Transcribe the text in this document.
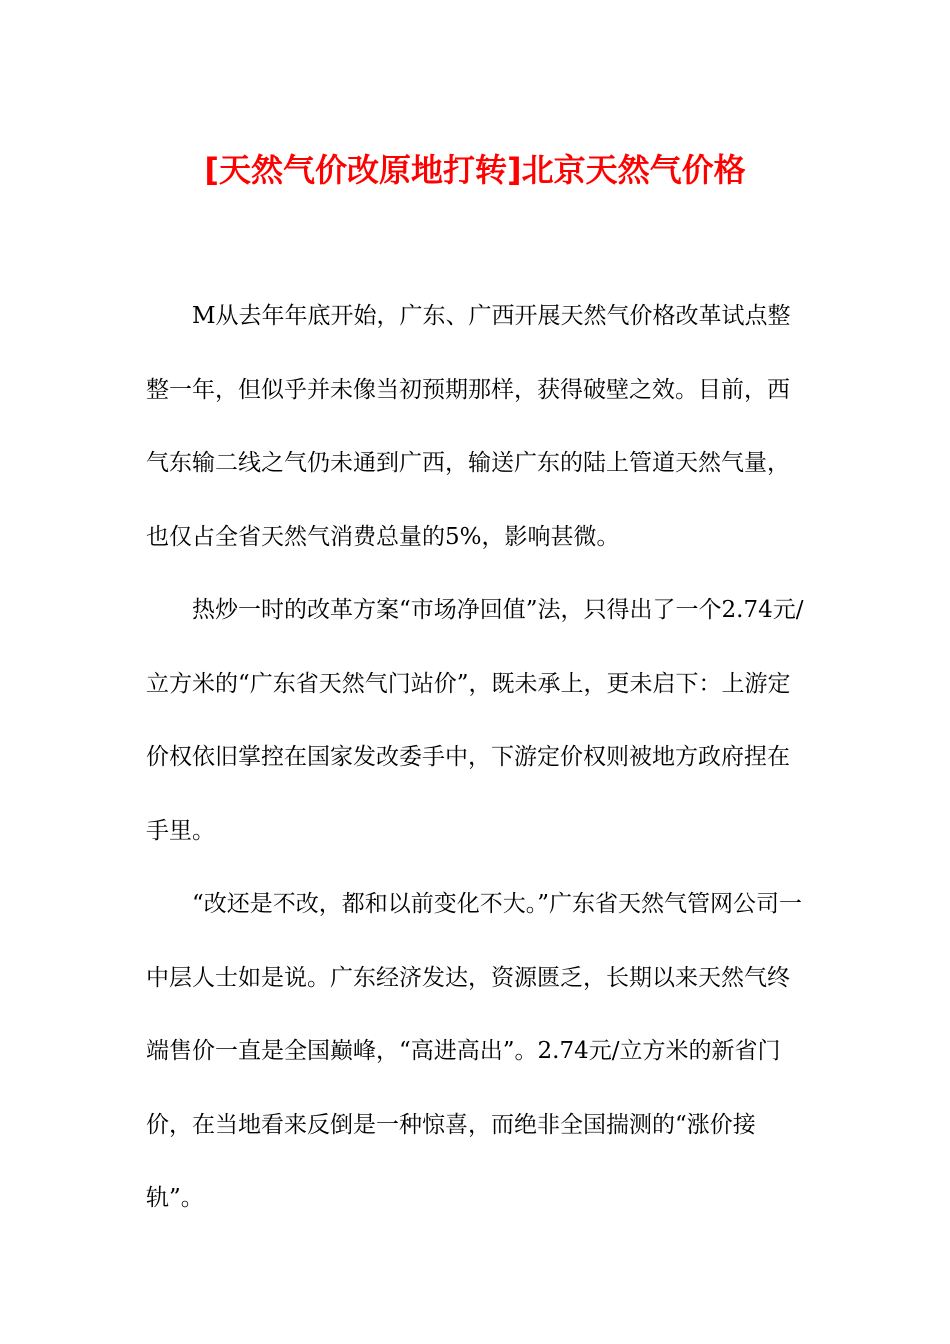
[天然气价改原地打转]北京天然气价格

M从去年年底开始，广东、广西开展天然气价格改革试点整整一年，但似乎并未像当初预期那样，获得破壁之效。目前，西气东输二线之气仍未通到广西，输送广东的陆上管道天然气量，也仅占全省天然气消费总量的5%，影响甚微。

热炒一时的改革方案“市场净回值”法，只得出了一个2.74元/立方米的“广东省天然气门站价”，既未承上，更未启下：上游定价权依旧掌控在国家发改委手中，下游定价权则被地方政府捏在手里。

“改还是不改，都和以前变化不大。”广东省天然气管网公司一中层人士如是说。广东经济发达，资源匮乏，长期以来天然气终端售价一直是全国巅峰，“高进高出”。2.74元/立方米的新省门价，在当地看来反倒是一种惊喜，而绝非全国揣测的“涨价接轨”。
